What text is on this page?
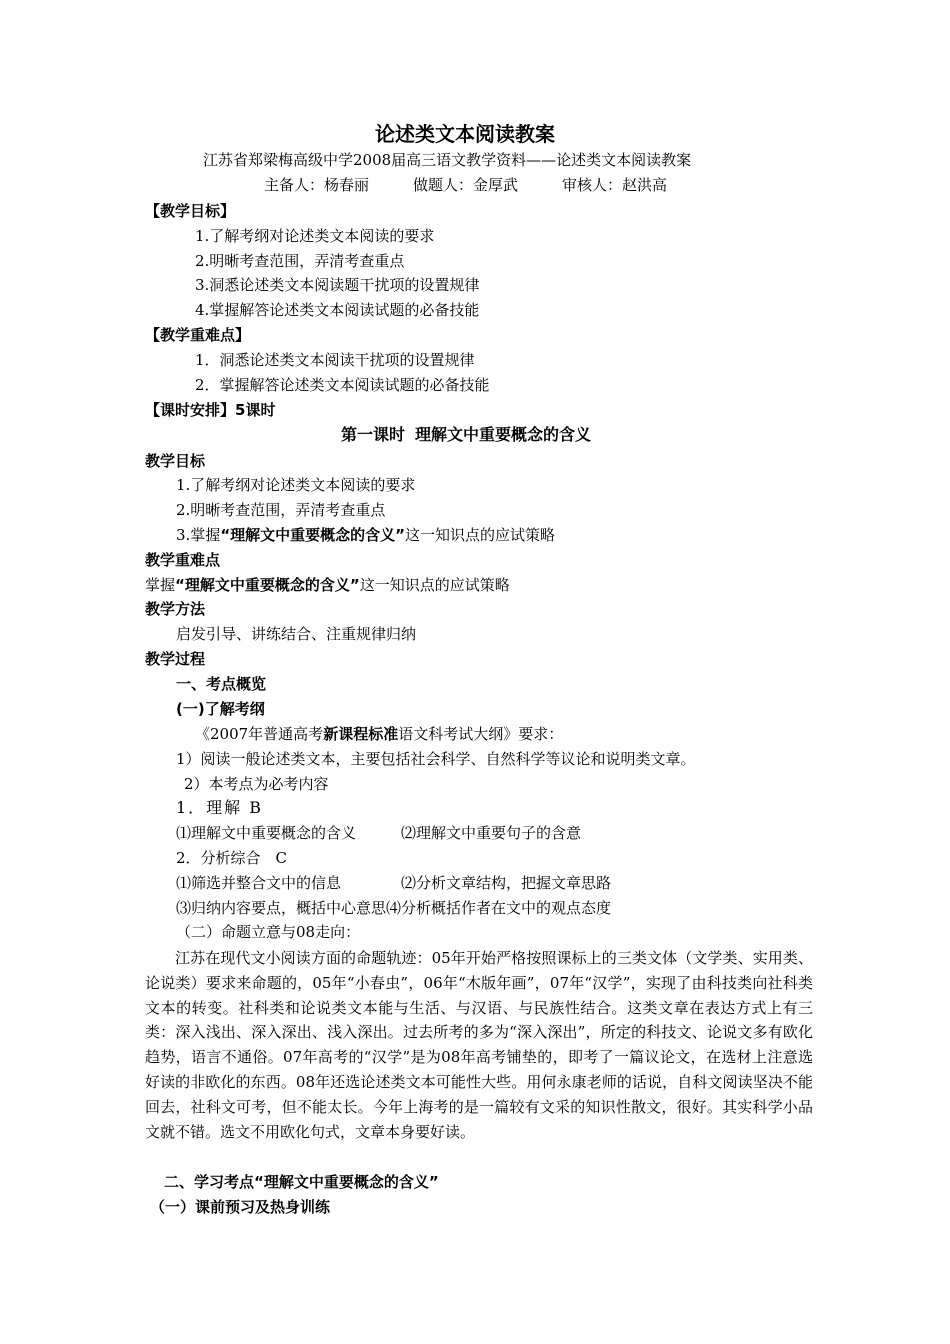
论述类文本阅读教案
江苏省郑梁梅高级中学2008届高三语文教学资料——论述类文本阅读教案
主备人：杨春丽	做题人：金厚武	审核人：赵洪高
【教学目标】
1.了解考纲对论述类文本阅读的要求
2.明晰考查范围，弄清考查重点
3.洞悉论述类文本阅读题干扰项的设置规律
4.掌握解答论述类文本阅读试题的必备技能
【教学重难点】
1．洞悉论述类文本阅读干扰项的设置规律
2．掌握解答论述类文本阅读试题的必备技能
【课时安排】5课时
第一课时 理解文中重要概念的含义
教学目标
1.了解考纲对论述类文本阅读的要求
2.明晰考查范围，弄清考查重点
3.掌握“理解文中重要概念的含义”这一知识点的应试策略
教学重难点
掌握“理解文中重要概念的含义”这一知识点的应试策略
教学方法
启发引导、讲练结合、注重规律归纳
教学过程
一、考点概览
(一)了解考纲
《2007年普通高考新课程标准语文科考试大纲》要求：
1）阅读一般论述类文本，主要包括社会科学、自然科学等议论和说明类文章。
2）本考点为必考内容
1．理解 B
⑴理解文中重要概念的含义	⑵理解文中重要句子的含意
2．分析综合　C
⑴筛选并整合文中的信息	⑵分析文章结构，把握文章思路
⑶归纳内容要点，概括中心意思⑷分析概括作者在文中的观点态度
（二）命题立意与08走向：
江苏在现代文小阅读方面的命题轨迹：05年开始严格按照课标上的三类文体（文学类、实用类、论说类）要求来命题的，05年“小春虫”，06年“木版年画”，07年“汉学”，实现了由科技类向社科类文本的转变。社科类和论说类文本能与生活、与汉语、与民族性结合。这类文章在表达方式上有三类：深入浅出、深入深出、浅入深出。过去所考的多为“深入深出”，所定的科技文、论说文多有欧化趋势，语言不通俗。07年高考的“汉学”是为08年高考铺垫的，即考了一篇议论文，在选材上注意选好读的非欧化的东西。08年还选论述类文本可能性大些。用何永康老师的话说，自科文阅读坚决不能回去，社科文可考，但不能太长。今年上海考的是一篇较有文采的知识性散文，很好。其实科学小品文就不错。选文不用欧化句式，文章本身要好读。
二、学习考点“理解文中重要概念的含义”
（一）课前预习及热身训练
